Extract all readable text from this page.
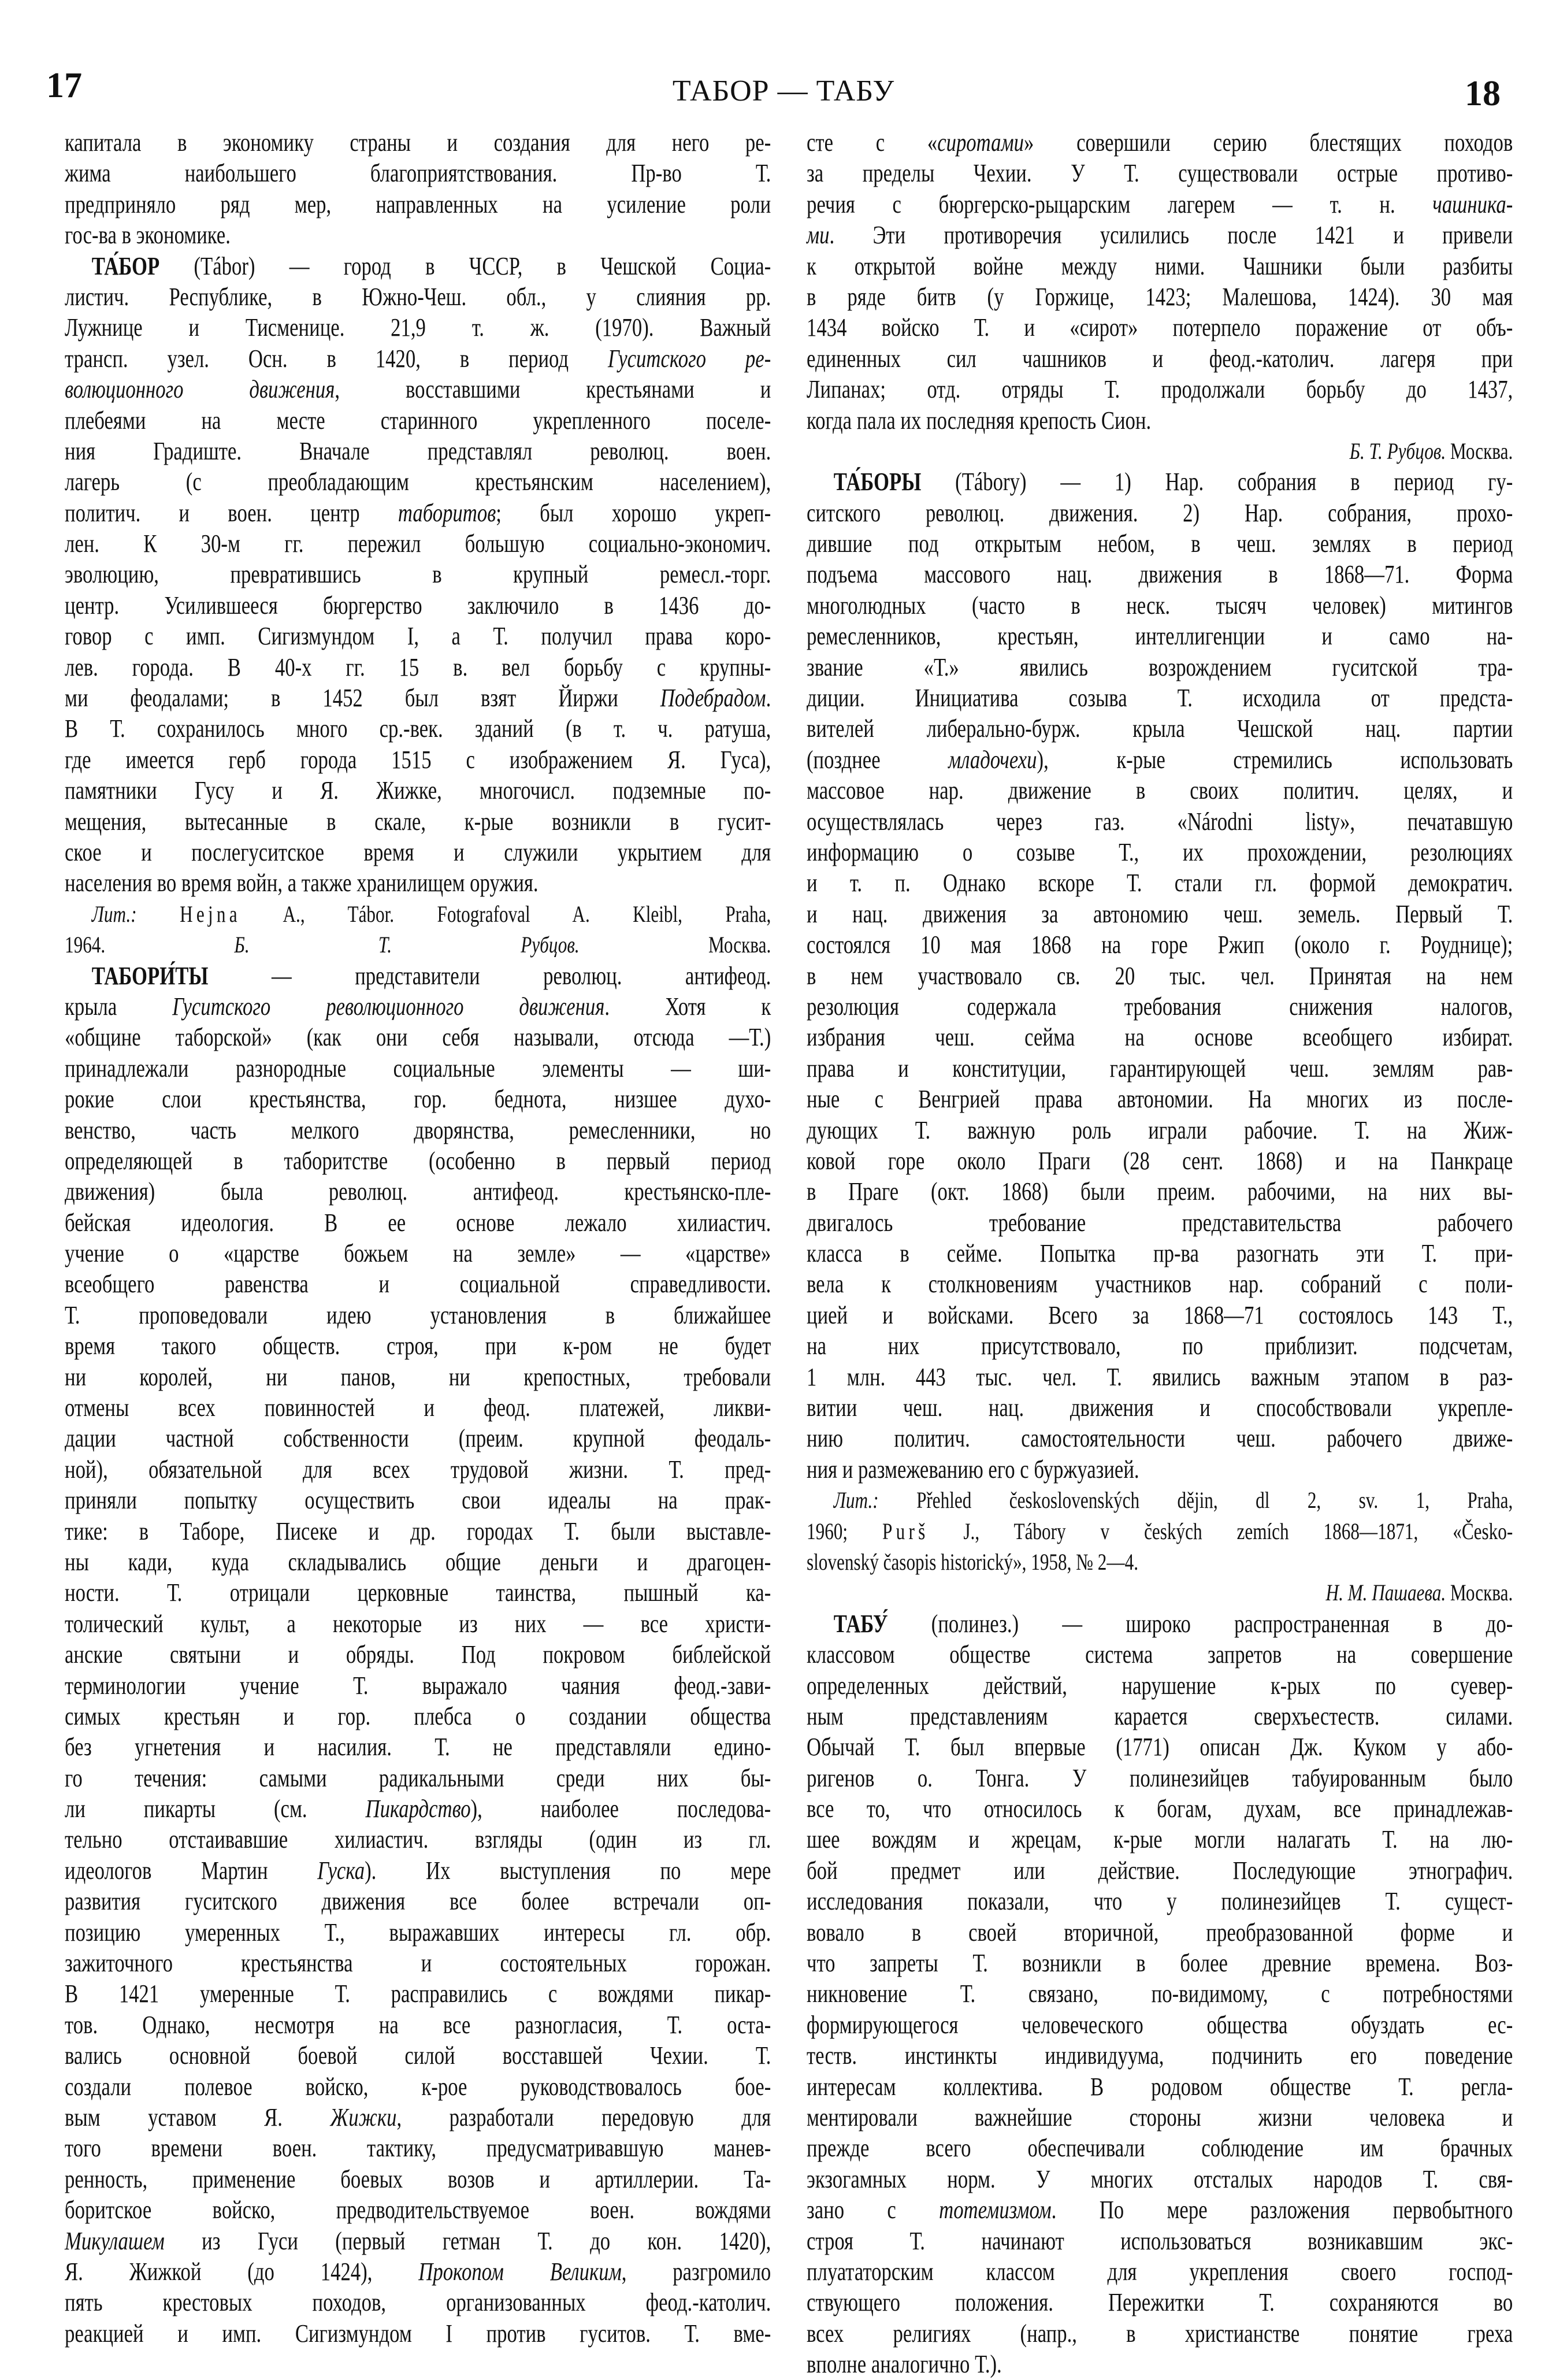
17	ТАБОР — ТАБУ	18
капитала в экономику страны и создания для него ре-
жима наибольшего благоприятствования. Пр-во Т.
предприняло ряд мер, направленных на усиление роли
гос-ва в экономике.
ТА́БОР (Tábor) — город в ЧССР, в Чешской Социа-
листич. Республике, в Южно-Чеш. обл., у слияния рр.
Лужнице и Тисменице. 21,9 т. ж. (1970). Важный
трансп. узел. Осн. в 1420, в период Гуситского ре-
волюционного движения, восставшими крестьянами и
плебеями на месте старинного укрепленного поселе-
ния Градиште. Вначале представлял революц. воен.
лагерь (с преобладающим крестьянским населением),
политич. и воен. центр таборитов; был хорошо укреп-
лен. К 30-м гг. пережил большую социально-экономич.
эволюцию, превратившись в крупный ремесл.-торг.
центр. Усилившееся бюргерство заключило в 1436 до-
говор с имп. Сигизмундом I, а Т. получил права коро-
лев. города. В 40-х гг. 15 в. вел борьбу с крупны-
ми феодалами; в 1452 был взят Йиржи Подебрадом.
В Т. сохранилось много ср.-век. зданий (в т. ч. ратуша,
где имеется герб города 1515 с изображением Я. Гуса),
памятники Гусу и Я. Жижке, многочисл. подземные по-
мещения, вытесанные в скале, к-рые возникли в гусит-
ское и послегуситское время и служили укрытием для
населения во время войн, а также хранилищем оружия.
Лит.: Hejna A., Tábor. Fotografoval A. Kleibl, Praha,
1964.	Б. Т. Рубцов. Москва.
ТАБОРИ́ТЫ — представители революц. антифеод.
крыла Гуситского революционного движения. Хотя к
«общине таборской» (как они себя называли, отсюда —Т.)
принадлежали разнородные социальные элементы — ши-
рокие слои крестьянства, гор. беднота, низшее духо-
венство, часть мелкого дворянства, ремесленники, но
определяющей в таборитстве (особенно в первый период
движения) была революц. антифеод. крестьянско-пле-
бейская идеология. В ее основе лежало хилиастич.
учение о «царстве божьем на земле» — «царстве»
всеобщего равенства и социальной справедливости.
Т. проповедовали идею установления в ближайшее
время такого обществ. строя, при к-ром не будет
ни королей, ни панов, ни крепостных, требовали
отмены всех повинностей и феод. платежей, ликви-
дации частной собственности (преим. крупной феодаль-
ной), обязательной для всех трудовой жизни. Т. пред-
приняли попытку осуществить свои идеалы на прак-
тике: в Таборе, Писеке и др. городах Т. были выставле-
ны кади, куда складывались общие деньги и драгоцен-
ности. Т. отрицали церковные таинства, пышный ка-
толический культ, а некоторые из них — все христи-
анские святыни и обряды. Под покровом библейской
терминологии учение Т. выражало чаяния феод.-зави-
симых крестьян и гор. плебса о создании общества
без угнетения и насилия. Т. не представляли едино-
го течения: самыми радикальными среди них бы-
ли пикарты (см. Пикардство), наиболее последова-
тельно отстаивавшие хилиастич. взгляды (один из гл.
идеологов Мартин Гуска). Их выступления по мере
развития гуситского движения все более встречали оп-
позицию умеренных Т., выражавших интересы гл. обр.
зажиточного крестьянства и состоятельных горожан.
В 1421 умеренные Т. расправились с вождями пикар-
тов. Однако, несмотря на все разногласия, Т. оста-
вались основной боевой силой восставшей Чехии. Т.
создали полевое войско, к-рое руководствовалось бое-
вым уставом Я. Жижки, разработали передовую для
того времени воен. тактику, предусматривавшую манев-
ренность, применение боевых возов и артиллерии. Та-
боритское войско, предводительствуемое воен. вождями
Микулашем из Гуси (первый гетман Т. до кон. 1420),
Я. Жижкой (до 1424), Прокопом Великим, разгромило
пять крестовых походов, организованных феод.-католич.
реакцией и имп. Сигизмундом I против гуситов. Т. вме-
сте с «сиротами» совершили серию блестящих походов
за пределы Чехии. У Т. существовали острые противо-
речия с бюргерско-рыцарским лагерем — т. н. чашника-
ми. Эти противоречия усилились после 1421 и привели
к открытой войне между ними. Чашники были разбиты
в ряде битв (у Горжице, 1423; Малешова, 1424). 30 мая
1434 войско Т. и «сирот» потерпело поражение от объ-
единенных сил чашников и феод.-католич. лагеря при
Липанах; отд. отряды Т. продолжали борьбу до 1437,
когда пала их последняя крепость Сион.
Б. Т. Рубцов. Москва.
ТА́БОРЫ (Tábory) — 1) Нар. собрания в период гу-
ситского революц. движения. 2) Нар. собрания, прохо-
дившие под открытым небом, в чеш. землях в период
подъема массового нац. движения в 1868—71. Форма
многолюдных (часто в неск. тысяч человек) митингов
ремесленников, крестьян, интеллигенции и само на-
звание «Т.» явились возрождением гуситской тра-
диции. Инициатива созыва Т. исходила от предста-
вителей либерально-бурж. крыла Чешской нац. партии
(позднее младочехи), к-рые стремились использовать
массовое нар. движение в своих политич. целях, и
осуществлялась через газ. «Národni listy», печатавшую
информацию о созыве Т., их прохождении, резолюциях
и т. п. Однако вскоре Т. стали гл. формой демократич.
и нац. движения за автономию чеш. земель. Первый Т.
состоялся 10 мая 1868 на горе Ржип (около г. Роуднице);
в нем участвовало св. 20 тыс. чел. Принятая на нем
резолюция содержала требования снижения налогов,
избрания чеш. сейма на основе всеобщего избират.
права и конституции, гарантирующей чеш. землям рав-
ные с Венгрией права автономии. На многих из после-
дующих Т. важную роль играли рабочие. Т. на Жиж-
ковой горе около Праги (28 сент. 1868) и на Панкраце
в Праге (окт. 1868) были преим. рабочими, на них вы-
двигалось требование представительства рабочего
класса в сейме. Попытка пр-ва разогнать эти Т. при-
вела к столкновениям участников нар. собраний с поли-
цией и войсками. Всего за 1868—71 состоялось 143 Т.,
на них присутствовало, по приблизит. подсчетам,
1 млн. 443 тыс. чел. Т. явились важным этапом в раз-
витии чеш. нац. движения и способствовали укрепле-
нию политич. самостоятельности чеш. рабочего движе-
ния и размежеванию его с буржуазией.
Лит.: Přehled československých dějin, dl 2, sv. 1, Praha,
1960; Purš J., Tábory v českých zemích 1868—1871, «Česko-
slovenský časopis historický», 1958, № 2—4.
Н. М. Пашаева. Москва.
ТАБУ́ (полинез.) — широко распространенная в до-
классовом обществе система запретов на совершение
определенных действий, нарушение к-рых по суевер-
ным представлениям карается сверхъестеств. силами.
Обычай Т. был впервые (1771) описан Дж. Куком у або-
ригенов о. Тонга. У полинезийцев табуированным было
все то, что относилось к богам, духам, все принадлежав-
шее вождям и жрецам, к-рые могли налагать Т. на лю-
бой предмет или действие. Последующие этнографич.
исследования показали, что у полинезийцев Т. сущест-
вовало в своей вторичной, преобразованной форме и
что запреты Т. возникли в более древние времена. Воз-
никновение Т. связано, по-видимому, с потребностями
формирующегося человеческого общества обуздать ес-
теств. инстинкты индивидуума, подчинить его поведение
интересам коллектива. В родовом обществе Т. регла-
ментировали важнейшие стороны жизни человека и
прежде всего обеспечивали соблюдение им брачных
экзогамных норм. У многих отсталых народов Т. свя-
зано с тотемизмом. По мере разложения первобытного
строя Т. начинают использоваться возникавшим экс-
плуататорским классом для укрепления своего господ-
ствующего положения. Пережитки Т. сохраняются во
всех религиях (напр., в христианстве понятие греха
вполне аналогично Т.).
